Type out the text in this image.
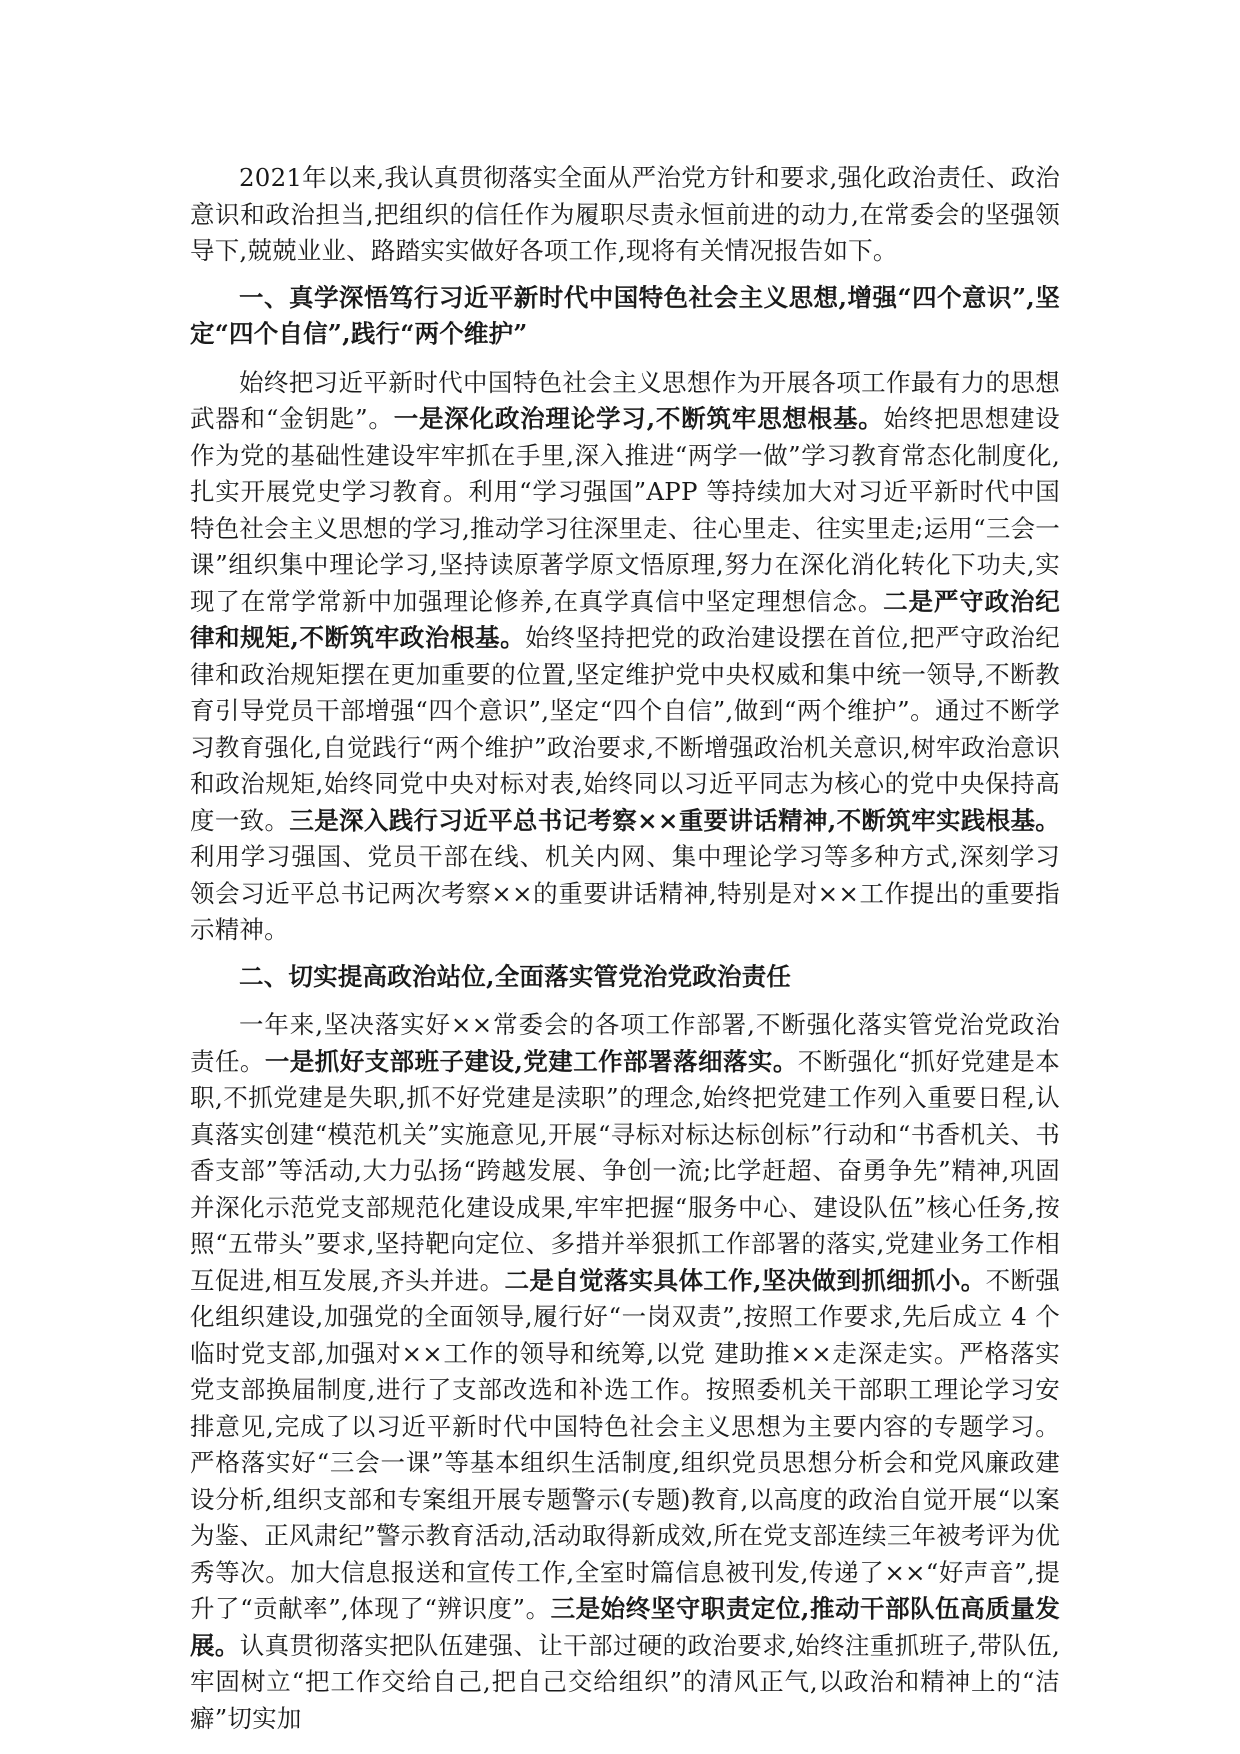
2021年以来,我认真贯彻落实全面从严治党方针和要求,强化政治责任、政治意识和政治担当,把组织的信任作为履职尽责永恒前进的动力,在常委会的坚强领导下,兢兢业业、路踏实实做好各项工作,现将有关情况报告如下。

一、真学深悟笃行习近平新时代中国特色社会主义思想,增强“四个意识”,坚定“四个自信”,践行“两个维护”

始终把习近平新时代中国特色社会主义思想作为开展各项工作最有力的思想武器和“金钥匙”。一是深化政治理论学习,不断筑牢思想根基。始终把思想建设作为党的基础性建设牢牢抓在手里,深入推进“两学一做”学习教育常态化制度化,扎实开展党史学习教育。利用“学习强国”APP 等持续加大对习近平新时代中国特色社会主义思想的学习,推动学习往深里走、往心里走、往实里走;运用“三会一课”组织集中理论学习,坚持读原著学原文悟原理,努力在深化消化转化下功夫,实现了在常学常新中加强理论修养,在真学真信中坚定理想信念。二是严守政治纪律和规矩,不断筑牢政治根基。始终坚持把党的政治建设摆在首位,把严守政治纪律和政治规矩摆在更加重要的位置,坚定维护党中央权威和集中统一领导,不断教育引导党员干部增强“四个意识”,坚定“四个自信”,做到“两个维护”。通过不断学习教育强化,自觉践行“两个维护”政治要求,不断增强政治机关意识,树牢政治意识和政治规矩,始终同党中央对标对表,始终同以习近平同志为核心的党中央保持高度一致。三是深入践行习近平总书记考察××重要讲话精神,不断筑牢实践根基。利用学习强国、党员干部在线、机关内网、集中理论学习等多种方式,深刻学习领会习近平总书记两次考察××的重要讲话精神,特别是对××工作提出的重要指示精神。

二、切实提高政治站位,全面落实管党治党政治责任

一年来,坚决落实好××常委会的各项工作部署,不断强化落实管党治党政治责任。一是抓好支部班子建设,党建工作部署落细落实。不断强化“抓好党建是本职,不抓党建是失职,抓不好党建是渎职”的理念,始终把党建工作列入重要日程,认真落实创建“模范机关”实施意见,开展“寻标对标达标创标”行动和“书香机关、书香支部”等活动,大力弘扬“跨越发展、争创一流;比学赶超、奋勇争先”精神,巩固并深化示范党支部规范化建设成果,牢牢把握“服务中心、建设队伍”核心任务,按照“五带头”要求,坚持靶向定位、多措并举狠抓工作部署的落实,党建业务工作相互促进,相互发展,齐头并进。二是自觉落实具体工作,坚决做到抓细抓小。不断强化组织建设,加强党的全面领导,履行好“一岗双责”,按照工作要求,先后成立 4 个临时党支部,加强对××工作的领导和统筹,以党 建助推××走深走实。严格落实党支部换届制度,进行了支部改选和补选工作。按照委机关干部职工理论学习安排意见,完成了以习近平新时代中国特色社会主义思想为主要内容的专题学习。严格落实好“三会一课”等基本组织生活制度,组织党员思想分析会和党风廉政建设分析,组织支部和专案组开展专题警示(专题)教育,以高度的政治自觉开展“以案为鉴、正风肃纪”警示教育活动,活动取得新成效,所在党支部连续三年被考评为优秀等次。加大信息报送和宣传工作,全室时篇信息被刊发,传递了××“好声音”,提升了“贡献率”,体现了“辨识度”。三是始终坚守职责定位,推动干部队伍高质量发展。认真贯彻落实把队伍建强、让干部过硬的政治要求,始终注重抓班子,带队伍,牢固树立“把工作交给自己,把自己交给组织”的清风正气,以政治和精神上的“洁癖”切实加
